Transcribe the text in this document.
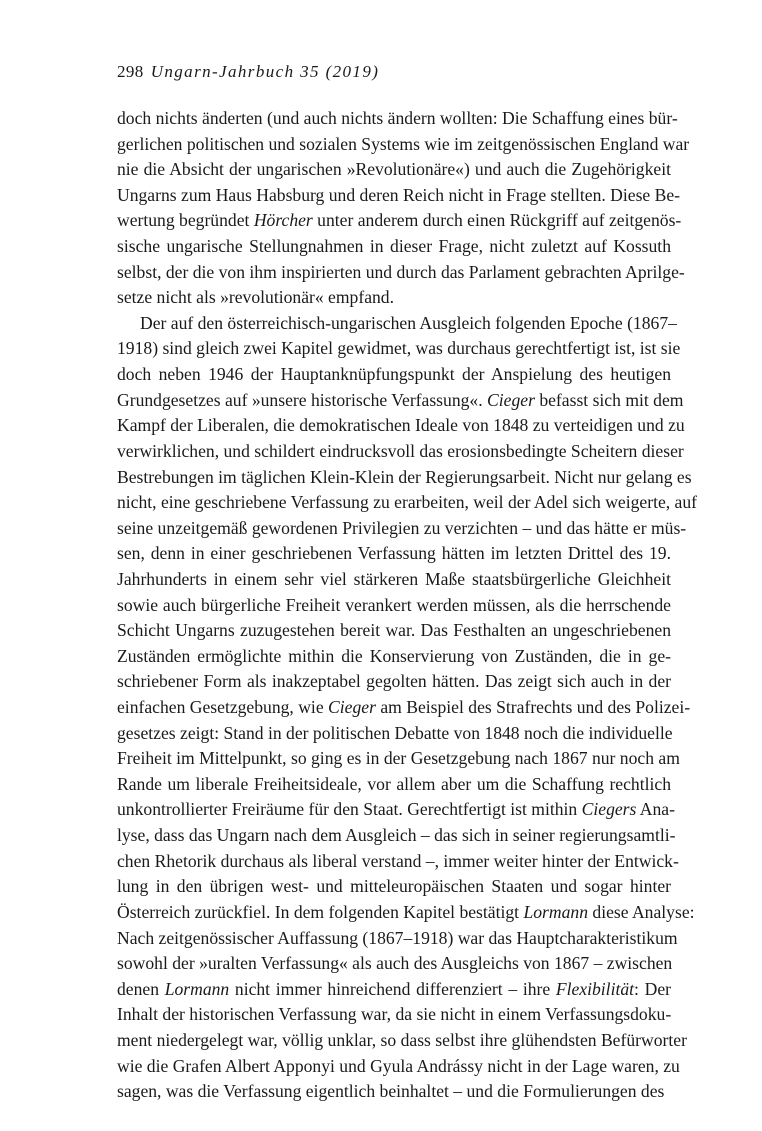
298 Ungarn-Jahrbuch 35 (2019)
doch nichts änderten (und auch nichts ändern wollten: Die Schaffung eines bür-
gerlichen politischen und sozialen Systems wie im zeitgenössischen England war
nie die Absicht der ungarischen »Revolutionäre«) und auch die Zugehörigkeit
Ungarns zum Haus Habsburg und deren Reich nicht in Frage stellten. Diese Be-
wertung begründet Hörcher unter anderem durch einen Rückgriff auf zeitgenös-
sische ungarische Stellungnahmen in dieser Frage, nicht zuletzt auf Kossuth
selbst, der die von ihm inspirierten und durch das Parlament gebrachten Aprilge-
setze nicht als »revolutionär« empfand.
Der auf den österreichisch-ungarischen Ausgleich folgenden Epoche (1867–
1918) sind gleich zwei Kapitel gewidmet, was durchaus gerechtfertigt ist, ist sie
doch neben 1946 der Hauptanknüpfungspunkt der Anspielung des heutigen
Grundgesetzes auf »unsere historische Verfassung«. Cieger befasst sich mit dem
Kampf der Liberalen, die demokratischen Ideale von 1848 zu verteidigen und zu
verwirklichen, und schildert eindrucksvoll das erosionsbedingte Scheitern dieser
Bestrebungen im täglichen Klein-Klein der Regierungsarbeit. Nicht nur gelang es
nicht, eine geschriebene Verfassung zu erarbeiten, weil der Adel sich weigerte, auf
seine unzeitgemäß gewordenen Privilegien zu verzichten – und das hätte er müs-
sen, denn in einer geschriebenen Verfassung hätten im letzten Drittel des 19.
Jahrhunderts in einem sehr viel stärkeren Maße staatsbürgerliche Gleichheit
sowie auch bürgerliche Freiheit verankert werden müssen, als die herrschende
Schicht Ungarns zuzugestehen bereit war. Das Festhalten an ungeschriebenen
Zuständen ermöglichte mithin die Konservierung von Zuständen, die in ge-
schriebener Form als inakzeptabel gegolten hätten. Das zeigt sich auch in der
einfachen Gesetzgebung, wie Cieger am Beispiel des Strafrechts und des Polizei-
gesetzes zeigt: Stand in der politischen Debatte von 1848 noch die individuelle
Freiheit im Mittelpunkt, so ging es in der Gesetzgebung nach 1867 nur noch am
Rande um liberale Freiheitsideale, vor allem aber um die Schaffung rechtlich
unkontrollierter Freiräume für den Staat. Gerechtfertigt ist mithin Ciegers Ana-
lyse, dass das Ungarn nach dem Ausgleich – das sich in seiner regierungsamtli-
chen Rhetorik durchaus als liberal verstand –, immer weiter hinter der Entwick-
lung in den übrigen west- und mitteleuropäischen Staaten und sogar hinter
Österreich zurückfiel. In dem folgenden Kapitel bestätigt Lormann diese Analyse:
Nach zeitgenössischer Auffassung (1867–1918) war das Hauptcharakteristikum
sowohl der »uralten Verfassung« als auch des Ausgleichs von 1867 – zwischen
denen Lormann nicht immer hinreichend differenziert – ihre Flexibilität: Der
Inhalt der historischen Verfassung war, da sie nicht in einem Verfassungsdoku-
ment niedergelegt war, völlig unklar, so dass selbst ihre glühendsten Befürworter
wie die Grafen Albert Apponyi und Gyula Andrássy nicht in der Lage waren, zu
sagen, was die Verfassung eigentlich beinhaltet – und die Formulierungen des
